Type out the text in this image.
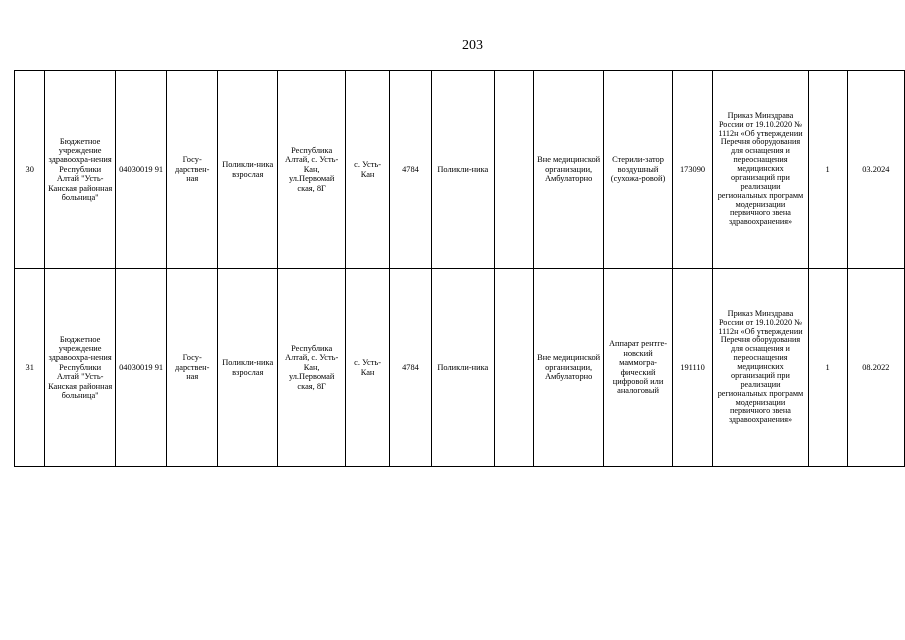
203
30	Бюджетное учреждение здравоохра-нения Республики Алтай "Усть-Канская районная больница"	04030019 91	Госу-дарствен-ная	Поликли-ника взрослая	Республика Алтай, с. Усть-Кан, ул.Первомай ская, 8Г	с. Усть-Кан	4784	Поликли-ника		Вне медицинской организации, Амбулаторно	Стерили-затор воздушный (сухожа-ровой)	173090	Приказ Минздрава России от 19.10.2020 № 1112н «Об утверждении Перечня оборудования для оснащения и переоснащения медицинских организаций при реализации региональных программ модернизации первичного звена здравоохранения»	1	03.2024
31	Бюджетное учреждение здравоохра-нения Республики Алтай "Усть-Канская районная больница"	04030019 91	Госу-дарствен-ная	Поликли-ника взрослая	Республика Алтай, с. Усть-Кан, ул.Первомай ская, 8Г	с. Усть-Кан	4784	Поликли-ника		Вне медицинской организации, Амбулаторно	Аппарат рентге-новский маммогра-фический цифровой или аналоговый	191110	Приказ Минздрава России от 19.10.2020 № 1112н «Об утверждении Перечня оборудования для оснащения и переоснащения медицинских организаций при реализации региональных программ модернизации первичного звена здравоохранения»	1	08.2022
